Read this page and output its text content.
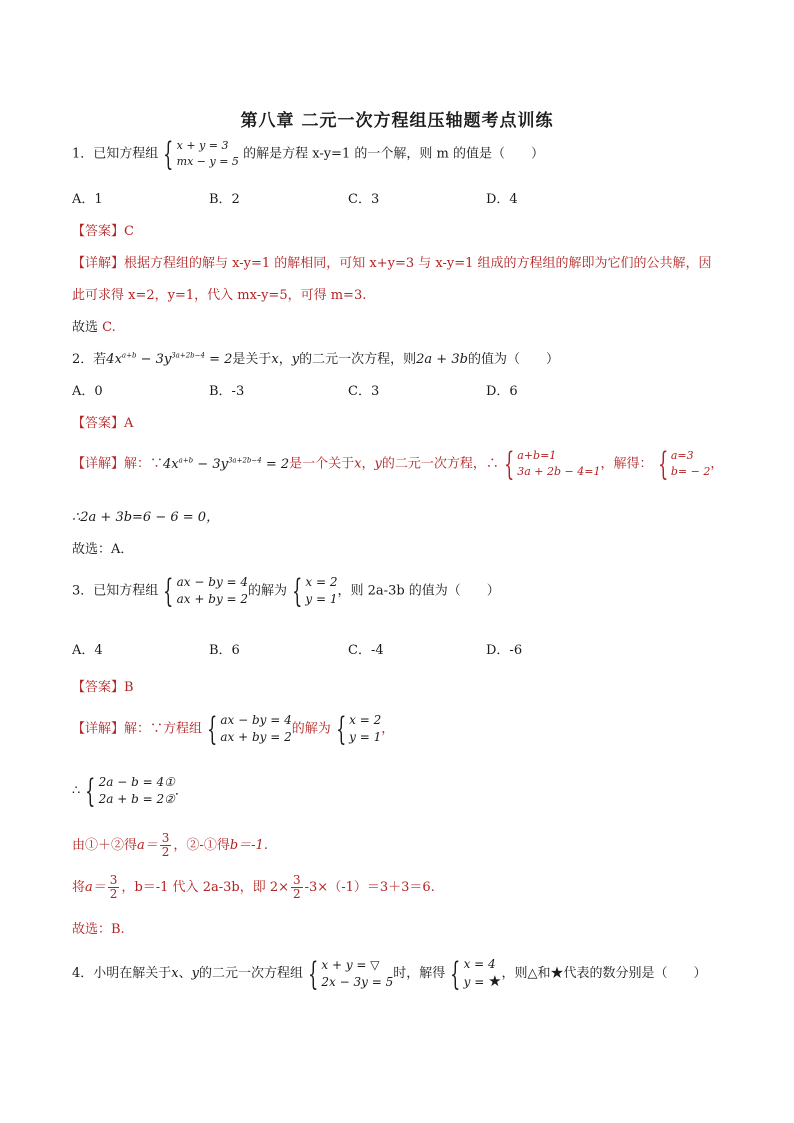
第八章 二元一次方程组压轴题考点训练
1．已知方程组 { x + y = 3
mx − y = 5 的解是方程 x-y=1 的一个解，则 m 的值是（　　）
A．1	B．2	C．3	D．4
【答案】C
【详解】根据方程组的解与 x-y=1 的解相同，可知 x+y=3 与 x-y=1 组成的方程组的解即为它们的公共解，因
此可求得 x=2，y=1，代入 mx-y=5，可得 m=3.
故选 C.
2．若$4x^{a+b} - 3y^{3a+2b-4} = 2$是关于x，y的二元一次方程，则2a + 3b的值为（　　）
A．0	B．-3	C．3	D．6
【答案】A
【详解】解：$\because 4x^{a+b} - 3y^{3a+2b-4} = 2$是一个关于x，y的二元一次方程，∴ { a+b=1
3a + 2b − 4=1 ，解得： { a=3
b= − 2 ，
∴2a + 3b=6 − 6 = 0，
故选：A．
3．已知方程组 { ax − by = 4
ax + by = 2
的解为 { x = 2
y = 1
，则 2a-3b 的值为（　　）
A．4	B．6	C．-4	D．-6
【答案】B
【详解】解：∵方程组 { ax − by = 4
ax + by = 2
的解为 { x = 2
y = 1
，
∴ { 2a − b = 4①
2a + b = 2②
．
由①＋②得$a= \frac{3}{2}$ ，②-①得b＝-1.
将$a= \frac{3}{2}$ ，b＝-1 代入 2a-3b，即 $2\times \frac{3}{2} -3\times(-1)=3+3=6$.
故选：B.
4．小明在解关于x、y的二元一次方程组 { x + y = ▽
2x − 3y = 5
时，解得 { x = 4
y = ★ ，则△和★代表的数分别是（　　）
